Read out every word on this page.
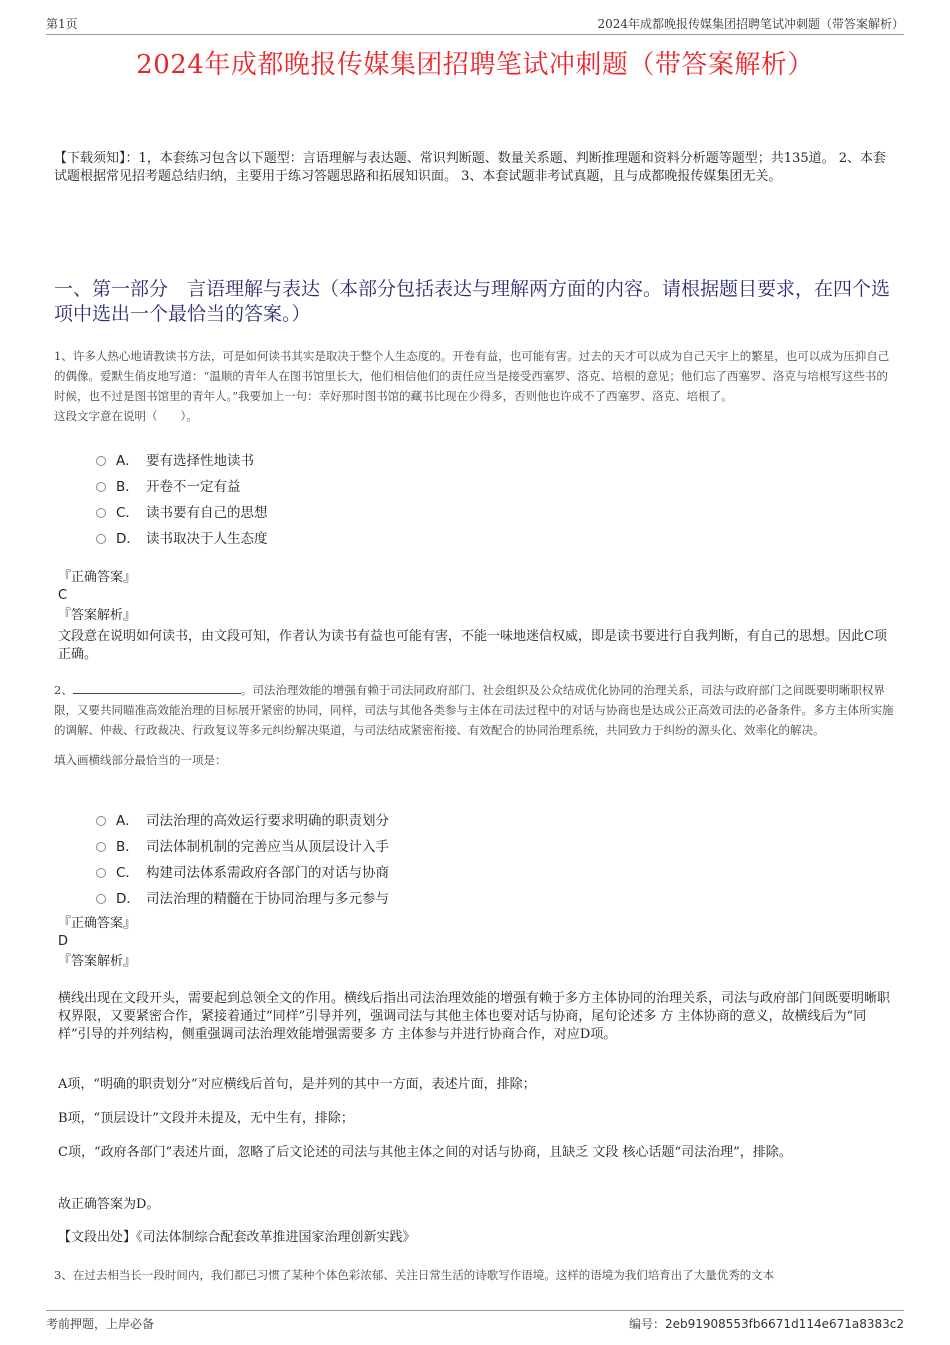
第1页	2024年成都晚报传媒集团招聘笔试冲刺题（带答案解析）
2024年成都晚报传媒集团招聘笔试冲刺题（带答案解析）
【下载须知】：1，本套练习包含以下题型：言语理解与表达题、常识判断题、数量关系题、判断推理题和资料分析题等题型；共135道。 2、本套试题根据常见招考题总结归纳，主要用于练习答题思路和拓展知识面。 3、本套试题非考试真题，且与成都晚报传媒集团无关。
一、第一部分　言语理解与表达（本部分包括表达与理解两方面的内容。请根据题目要求，在四个选项中选出一个最恰当的答案。）
1、许多人热心地请教读书方法，可是如何读书其实是取决于整个人生态度的。开卷有益，也可能有害。过去的天才可以成为自己天宇上的繁星，也可以成为压抑自己的偶像。爱默生俏皮地写道：“温顺的青年人在图书馆里长大，他们相信他们的责任应当是接受西塞罗、洛克、培根的意见；他们忘了西塞罗、洛克与培根写这些书的时候，也不过是图书馆里的青年人。”我要加上一句：幸好那时图书馆的藏书比现在少得多，否则他也许成不了西塞罗、洛克、培根了。
这段文字意在说明（　　）。
A． 要有选择性地读书
B． 开卷不一定有益
C． 读书要有自己的思想
D． 读书取决于人生态度
『正确答案』
C
『答案解析』
文段意在说明如何读书，由文段可知，作者认为读书有益也可能有害，不能一味地迷信权威，即是读书要进行自我判断，有自己的思想。因此C项正确。
2、	。司法治理效能的增强有赖于司法同政府部门、社会组织及公众结成优化协同的治理关系，司法与政府部门之间既要明晰职权界限，又要共同瞄准高效能治理的目标展开紧密的协同，同样，司法与其他各类参与主体在司法过程中的对话与协商也是达成公正高效司法的必备条件。多方主体所实施的调解、仲裁、行政裁决、行政复议等多元纠纷解决渠道，与司法结成紧密衔接、有效配合的协同治理系统，共同致力于纠纷的源头化、效率化的解决。
填入画横线部分最恰当的一项是：
A． 司法治理的高效运行要求明确的职责划分
B． 司法体制机制的完善应当从顶层设计入手
C． 构建司法体系需政府各部门的对话与协商
D． 司法治理的精髓在于协同治理与多元参与
『正确答案』
D
『答案解析』
横线出现在文段开头，需要起到总领全文的作用。横线后指出司法治理效能的增强有赖于多方主体协同的治理关系，司法与政府部门间既要明晰职权界限，又要紧密合作，紧接着通过“同样”引导并列，强调司法与其他主体也要对话与协商，尾句论述多 方 主体协商的意义，故横线后为“同样”引导的并列结构，侧重强调司法治理效能增强需要多 方 主体参与并进行协商合作，对应D项。
A项，“明确的职责划分”对应横线后首句，是并列的其中一方面，表述片面，排除；
B项，“顶层设计”文段并未提及，无中生有，排除；
C项，“政府各部门”表述片面，忽略了后文论述的司法与其他主体之间的对话与协商，且缺乏 文段 核心话题“司法治理”，排除。
故正确答案为D。
【文段出处】《司法体制综合配套改革推进国家治理创新实践》
3、在过去相当长一段时间内，我们都已习惯了某种个体色彩浓郁、关注日常生活的诗歌写作语境。这样的语境为我们培育出了大量优秀的文本
考前押题，上岸必备	编号：2eb91908553fb6671d114e671a8383c2
